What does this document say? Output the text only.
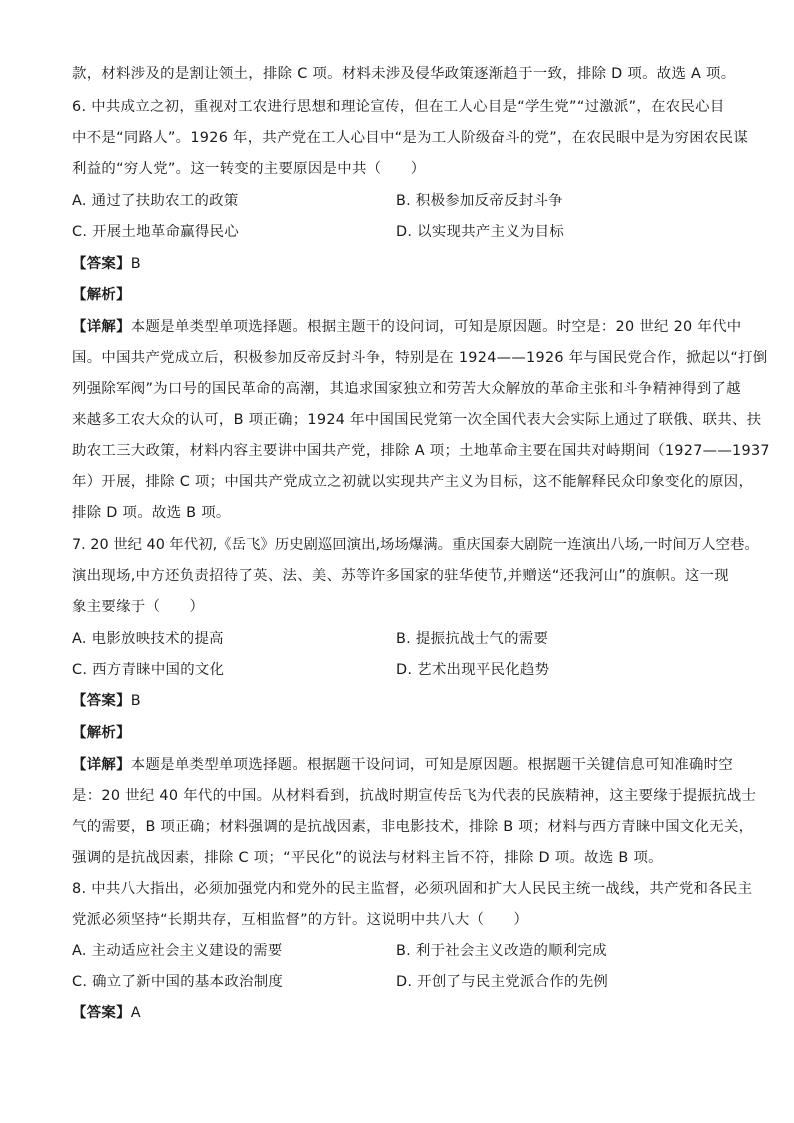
款，材料涉及的是割让领土，排除 C 项。材料未涉及侵华政策逐渐趋于一致，排除 D 项。故选 A 项。
6. 中共成立之初，重视对工农进行思想和理论宣传，但在工人心目是“学生党”“过激派”，在农民心目
中不是“同路人”。1926 年，共产党在工人心目中“是为工人阶级奋斗的党”，在农民眼中是为穷困农民谋
利益的“穷人党”。这一转变的主要原因是中共（　　）
A. 通过了扶助农工的政策	B. 积极参加反帝反封斗争
C. 开展土地革命赢得民心	D. 以实现共产主义为目标
【答案】B
【解析】
【详解】本题是单类型单项选择题。根据主题干的设问词，可知是原因题。时空是：20 世纪 20 年代中
国。中国共产党成立后，积极参加反帝反封斗争，特别是在 1924——1926 年与国民党合作，掀起以“打倒
列强除军阀”为口号的国民革命的高潮，其追求国家独立和劳苦大众解放的革命主张和斗争精神得到了越
来越多工农大众的认可，B 项正确；1924 年中国国民党第一次全国代表大会实际上通过了联俄、联共、扶
助农工三大政策，材料内容主要讲中国共产党，排除 A 项；土地革命主要在国共对峙期间（1927——1937
年）开展，排除 C 项；中国共产党成立之初就以实现共产主义为目标，这不能解释民众印象变化的原因，
排除 D 项。故选 B 项。
7. 20 世纪 40 年代初,《岳飞》历史剧巡回演出,场场爆满。重庆国泰大剧院一连演出八场,一时间万人空巷。
演出现场,中方还负责招待了英、法、美、苏等许多国家的驻华使节,并赠送“还我河山”的旗帜。这一现
象主要缘于（　　）
A. 电影放映技术的提高	B. 提振抗战士气的需要
C. 西方青睐中国的文化	D. 艺术出现平民化趋势
【答案】B
【解析】
【详解】本题是单类型单项选择题。根据题干设问词，可知是原因题。根据题干关键信息可知准确时空
是：20 世纪 40 年代的中国。从材料看到，抗战时期宣传岳飞为代表的民族精神，这主要缘于提振抗战士
气的需要，B 项正确；材料强调的是抗战因素，非电影技术，排除 B 项；材料与西方青睐中国文化无关，
强调的是抗战因素，排除 C 项；“平民化”的说法与材料主旨不符，排除 D 项。故选 B 项。
8. 中共八大指出，必须加强党内和党外的民主监督，必须巩固和扩大人民民主统一战线，共产党和各民主
党派必须坚持“长期共存，互相监督”的方针。这说明中共八大（　　）
A. 主动适应社会主义建设的需要	B. 利于社会主义改造的顺利完成
C. 确立了新中国的基本政治制度	D. 开创了与民主党派合作的先例
【答案】A
